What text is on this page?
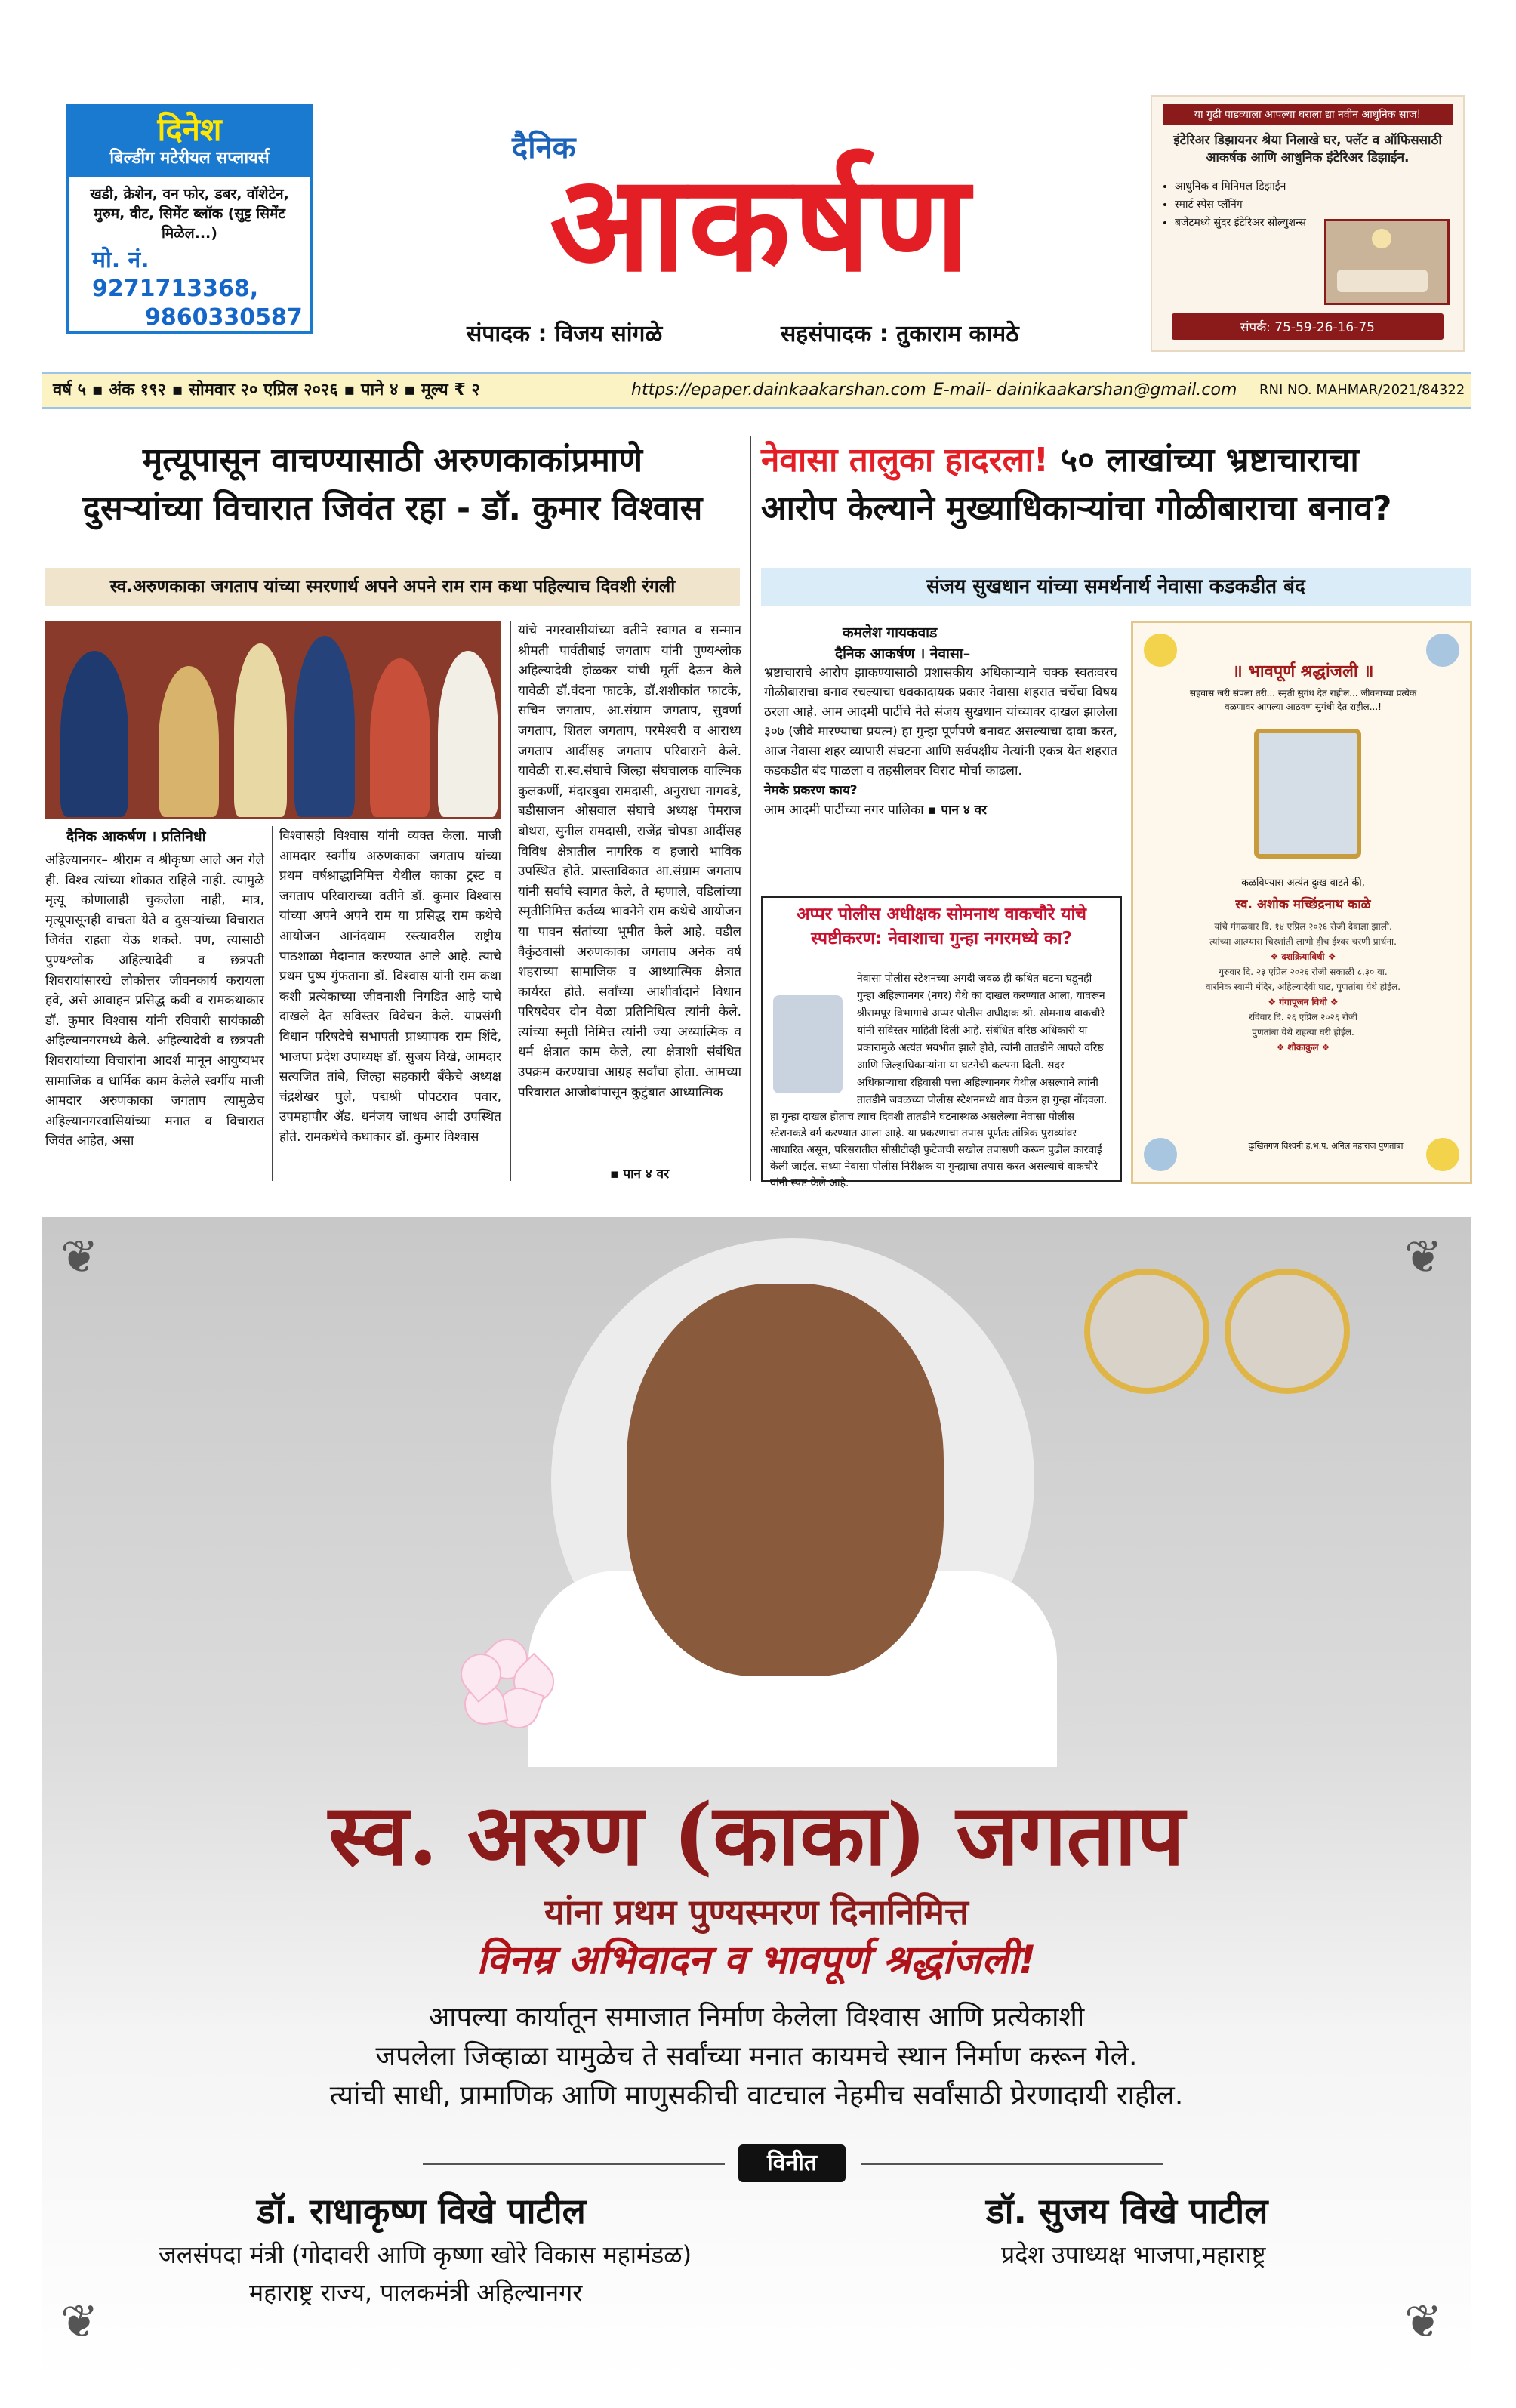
दिनेश
बिल्डींग मटेरीयल सप्लायर्स
खडी, क्रेशेन, वन फोर, डबर, वॉशेटेन, मुरुम, वीट, सिमेंट ब्लॉक (सुट्ट सिमेंट मिळेल...)
मो. नं. 9271713368,
9860330587
दैनिक
आकर्षण
संपादक : विजय सांगळे	सहसंपादक : तुकाराम कामठे
या गुढी पाडव्याला आपल्या घराला द्या नवीन आधुनिक साज!
इंटेरिअर डिझायनर श्रेया निलाखे घर, फ्लॅट व ऑफिससाठी आकर्षक आणि आधुनिक इंटेरिअर डिझाईन.
• आधुनिक व मिनिमल डिझाईन
• स्मार्ट स्पेस प्लॅनिंग
• बजेटमध्ये सुंदर इंटेरिअर सोल्युशन्स
संपर्क: 75-59-26-16-75
वर्ष ५ ▪ अंक १९२ ▪ सोमवार २० एप्रिल २०२६ ▪ पाने ४ ▪ मूल्य ₹ २	https://epaper.dainkaakarshan.com E-mail- dainikaakarshan@gmail.com RNI NO. MAHMAR/2021/84322
मृत्यूपासून वाचण्यासाठी अरुणकाकांप्रमाणे
दुसऱ्यांच्या विचारात जिवंत रहा - डॉ. कुमार विश्वास
स्व.अरुणकाका जगताप यांच्या स्मरणार्थ अपने अपने राम राम कथा पहिल्याच दिवशी रंगली
दैनिक आकर्षण । प्रतिनिधी
अहिल्यानगर– श्रीराम व श्रीकृष्ण आले अन गेले ही. विश्व त्यांच्या शोकात राहिले नाही. त्यामुळे मृत्यू कोणालाही चुकलेला नाही, मात्र, मृत्यूपासूनही वाचता येते व दुसऱ्यांच्या विचारात जिवंत राहता येऊ शकते. पण, त्यासाठी पुण्यश्लोक अहिल्यादेवी व छत्रपती शिवरायांसारखे लोकोत्तर जीवनकार्य करायला हवे, असे आवाहन प्रसिद्ध कवी व रामकथाकार डॉ. कुमार विश्वास यांनी रविवारी सायंकाळी अहिल्यानगरमध्ये केले. अहिल्यादेवी व छत्रपती शिवरायांच्या विचारांना आदर्श मानून आयुष्यभर सामाजिक व धार्मिक काम केलेले स्वर्गीय माजी आमदार अरुणकाका जगताप त्यामुळेच अहिल्यानगरवासियांच्या मनात व विचारात जिवंत आहेत, असा
विश्वासही विश्वास यांनी व्यक्त केला. माजी आमदार स्वर्गीय अरुणकाका जगताप यांच्या प्रथम वर्षश्राद्धानिमित्त येथील काका ट्रस्ट व जगताप परिवाराच्या वतीने डॉ. कुमार विश्वास यांच्या अपने अपने राम या प्रसिद्ध राम कथेचे आयोजन आनंदधाम रस्त्यावरील राष्ट्रीय पाठशाळा मैदानात करण्यात आले आहे. त्याचे प्रथम पुष्प गुंफताना डॉ. विश्वास यांनी राम कथा कशी प्रत्येकाच्या जीवनाशी निगडित आहे याचे दाखले देत सविस्तर विवेचन केले. याप्रसंगी विधान परिषदेचे सभापती प्राध्यापक राम शिंदे, भाजपा प्रदेश उपाध्यक्ष डॉ. सुजय विखे, आमदार सत्यजित तांबे, जिल्हा सहकारी बँकेचे अध्यक्ष चंद्रशेखर घुले, पद्मश्री पोपटराव पवार, उपमहापौर ॲड. धनंजय जाधव आदी उपस्थित होते. रामकथेचे कथाकार डॉ. कुमार विश्वास
यांचे नगरवासीयांच्या वतीने स्वागत व सन्मान श्रीमती पार्वतीबाई जगताप यांनी पुण्यश्लोक अहिल्यादेवी होळकर यांची मूर्ती देऊन केले यावेळी डॉ.वंदना फाटके, डॉ.शशीकांत फाटके, सचिन जगताप, आ.संग्राम जगताप, सुवर्णा जगताप, शितल जगताप, परमेश्वरी व आराध्य जगताप आदींसह जगताप परिवाराने केले. यावेळी रा.स्व.संघाचे जिल्हा संघचालक वाल्मिक कुलकर्णी, मंदारबुवा रामदासी, अनुराधा नागवडे, बडीसाजन ओसवाल संघाचे अध्यक्ष पेमराज बोथरा, सुनील रामदासी, राजेंद्र चोपडा आदींसह विविध क्षेत्रातील नागरिक व हजारो भाविक उपस्थित होते. प्रास्ताविकात आ.संग्राम जगताप यांनी सर्वांचे स्वागत केले, ते म्हणाले, वडिलांच्या स्मृतीनिमित्त कर्तव्य भावनेने राम कथेचे आयोजन या पावन संतांच्या भूमीत केले आहे. वडील वैकुंठवासी अरुणकाका जगताप अनेक वर्ष शहराच्या सामाजिक व आध्यात्मिक क्षेत्रात कार्यरत होते. सर्वांच्या आशीर्वादाने विधान परिषदेवर दोन वेळा प्रतिनिधित्व त्यांनी केले. त्यांच्या स्मृती निमित्त त्यांनी ज्या अध्यात्मिक व धर्म क्षेत्रात काम केले, त्या क्षेत्राशी संबंधित उपक्रम करण्याचा आग्रह सर्वांचा होता. आमच्या परिवारात आजोबांपासून कुटुंबात आध्यात्मिक
▪ पान ४ वर
नेवासा तालुका हादरला! ५० लाखांच्या भ्रष्टाचाराचा
आरोप केल्याने मुख्याधिकाऱ्यांचा गोळीबाराचा बनाव?
संजय सुखधान यांच्या समर्थनार्थ नेवासा कडकडीत बंद
कमलेश गायकवाड
दैनिक आकर्षण । नेवासा–
भ्रष्टाचाराचे आरोप झाकण्यासाठी प्रशासकीय अधिकाऱ्याने चक्क स्वतःवरच गोळीबाराचा बनाव रचल्याचा धक्कादायक प्रकार नेवासा शहरात चर्चेचा विषय ठरला आहे. आम आदमी पार्टीचे नेते संजय सुखधान यांच्यावर दाखल झालेला ३०७ (जीवे मारण्याचा प्रयत्न) हा गुन्हा पूर्णपणे बनावट असल्याचा दावा करत, आज नेवासा शहर व्यापारी संघटना आणि सर्वपक्षीय नेत्यांनी एकत्र येत शहरात कडकडीत बंद पाळला व तहसीलवर विराट मोर्चा काढला.
नेमके प्रकरण काय?
आम आदमी पार्टीच्या नगर पालिका ▪ पान ४ वर
अप्पर पोलीस अधीक्षक सोमनाथ वाकचौरे यांचे स्पष्टीकरण: नेवाशाचा गुन्हा नगरमध्ये का?
नेवासा पोलीस स्टेशनच्या अगदी जवळ ही कथित घटना घडूनही गुन्हा अहिल्यानगर (नगर) येथे का दाखल करण्यात आला, यावरून श्रीरामपूर विभागाचे अप्पर पोलीस अधीक्षक श्री. सोमनाथ वाकचौरे यांनी सविस्तर माहिती दिली आहे. संबंधित वरिष्ठ अधिकारी या प्रकारामुळे अत्यंत भयभीत झाले होते, त्यांनी तातडीने आपले वरिष्ठ आणि जिल्हाधिकाऱ्यांना या घटनेची कल्पना दिली. सदर अधिकाऱ्याचा रहिवासी पत्ता अहिल्यानगर येथील असल्याने त्यांनी तातडीने जवळच्या पोलीस स्टेशनमध्ये धाव घेऊन हा गुन्हा नोंदवला.
हा गुन्हा दाखल होताच त्याच दिवशी तातडीने घटनास्थळ असलेल्या नेवासा पोलीस स्टेशनकडे वर्ग करण्यात आला आहे. या प्रकरणाचा तपास पूर्णतः तांत्रिक पुराव्यांवर आधारित असून, परिसरातील सीसीटीव्ही फुटेजची सखोल तपासणी करून पुढील कारवाई केली जाईल. सध्या नेवासा पोलीस निरीक्षक या गुन्ह्याचा तपास करत असल्याचे वाकचौरे यांनी स्पष्ट केले आहे.
॥ भावपूर्ण श्रद्धांजली ॥
सहवास जरी संपला तरी... स्मृती सुगंध देत राहील... जीवनाच्या प्रत्येक वळणावर आपल्या आठवण सुगंधी देत राहील...!
कळविण्यास अत्यंत दुःख वाटते की,
स्व. अशोक मच्छिंद्रनाथ काळे
यांचे मंगळवार दि. १४ एप्रिल २०२६ रोजी देवाज्ञा झाली.
त्यांच्या आत्म्यास चिरशांती लाभो हीच ईश्वर चरणी प्रार्थना.
❖ दशक्रियाविधी ❖
गुरुवार दि. २३ एप्रिल २०२६ रोजी सकाळी ८.३० वा.
वारनिक स्वामी मंदिर, अहिल्यादेवी घाट, पुणतांबा येथे होईल.
❖ गंगापूजन विधी ❖
रविवार दि. २६ एप्रिल २०२६ रोजी
पुणतांबा येथे राहत्या घरी होईल.
❖ शोकाकुल ❖
दुःखितगण विश्वनी ह.भ.प. अनिल महाराज पुणतांबा
❦	❦
❦	❦
स्व. अरुण (काका) जगताप
यांना प्रथम पुण्यस्मरण दिनानिमित्त
विनम्र अभिवादन व भावपूर्ण श्रद्धांजली!
आपल्या कार्यातून समाजात निर्माण केलेला विश्वास आणि प्रत्येकाशी
जपलेला जिव्हाळा यामुळेच ते सर्वांच्या मनात कायमचे स्थान निर्माण करून गेले.
त्यांची साधी, प्रामाणिक आणि माणुसकीची वाटचाल नेहमीच सर्वांसाठी प्रेरणादायी राहील.
विनीत
डॉ. राधाकृष्ण विखे पाटील
जलसंपदा मंत्री (गोदावरी आणि कृष्णा खोरे विकास महामंडळ)
महाराष्ट्र राज्य, पालकमंत्री अहिल्यानगर
डॉ. सुजय विखे पाटील
प्रदेश उपाध्यक्ष भाजपा,महाराष्ट्र
